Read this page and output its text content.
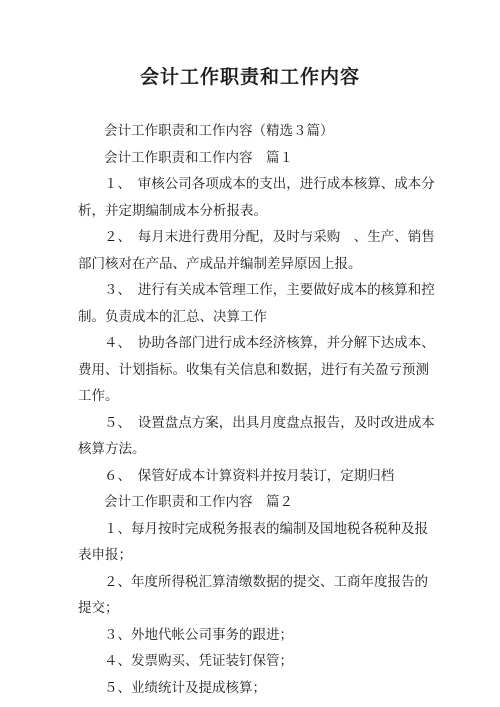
会计工作职责和工作内容
会计工作职责和工作内容（精选３篇）
会计工作职责和工作内容　篇１
１、　审核公司各项成本的支出，进行成本核算、成本分
析，并定期编制成本分析报表。
２、　每月末进行费用分配，及时与采购　、生产、销售
部门核对在产品、产成品并编制差异原因上报。
３、　进行有关成本管理工作，主要做好成本的核算和控
制。负责成本的汇总、决算工作
４、　协助各部门进行成本经济核算，并分解下达成本、
费用、计划指标。收集有关信息和数据，进行有关盈亏预测
工作。
５、　设置盘点方案，出具月度盘点报告，及时改进成本
核算方法。
６、　保管好成本计算资料并按月装订，定期归档
会计工作职责和工作内容　篇２
１、每月按时完成税务报表的编制及国地税各税种及报
表申报；
２、年度所得税汇算清缴数据的提交、工商年度报告的
提交；
３、外地代帐公司事务的跟进；
４、发票购买、凭证装钉保管；
５、业绩统计及提成核算；
